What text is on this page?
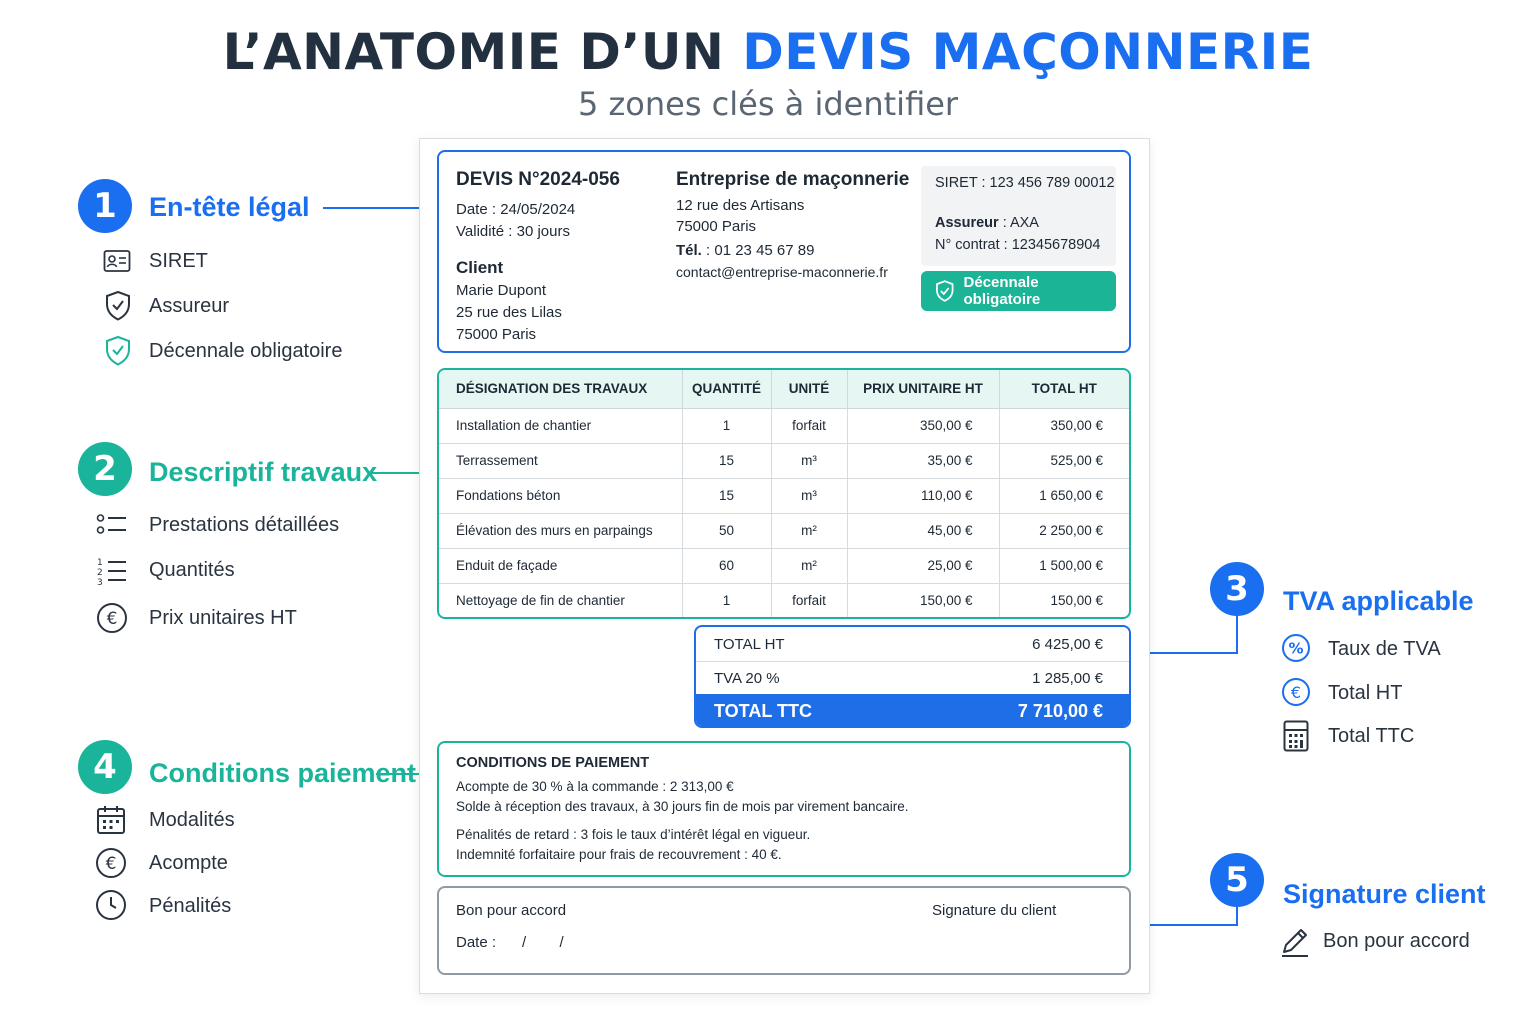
L’ANATOMIE D’UN DEVIS MAÇONNERIE
5 zones clés à identifier
DEVIS N°2024-056
Date : 24/05/2024
Validité : 30 jours
Client
Marie Dupont
25 rue des Lilas
75000 Paris
Entreprise de maçonnerie
12 rue des Artisans
75000 Paris
Tél. : 01 23 45 67 89
contact@entreprise-maconnerie.fr
SIRET : 123 456 789 00012
Assureur : AXA
N° contrat : 12345678904
Décennale obligatoire
DÉSIGNATION DES TRAVAUX	QUANTITÉ	UNITÉ	PRIX UNITAIRE HT	TOTAL HT
Installation de chantier	1	forfait	350,00 €	350,00 €
Terrassement	15	m³	35,00 €	525,00 €
Fondations béton	15	m³	110,00 €	1 650,00 €
Élévation des murs en parpaings	50	m²	45,00 €	2 250,00 €
Enduit de façade	60	m²	25,00 €	1 500,00 €
Nettoyage de fin de chantier	1	forfait	150,00 €	150,00 €
TOTAL HT	6 425,00 €
TVA 20 %	1 285,00 €
TOTAL TTC	7 710,00 €
CONDITIONS DE PAIEMENT
Acompte de 30 % à la commande : 2 313,00 €
Solde à réception des travaux, à 30 jours fin de mois par virement bancaire.
Pénalités de retard : 3 fois le taux d’intérêt légal en vigueur.
Indemnité forfaitaire pour frais de recouvrement : 40 €.
Bon pour accord	Signature du client
Date : /        /
1	En-tête légal
SIRET
Assureur
Décennale obligatoire
2	Descriptif travaux
Prestations détaillées
1
2
3
Quantités
€ Prix unitaires HT
4	Conditions paiement
Modalités
€ Acompte
Pénalités
3	TVA applicable
% Taux de TVA
€ Total HT
Total TTC
5	Signature client
Bon pour accord
